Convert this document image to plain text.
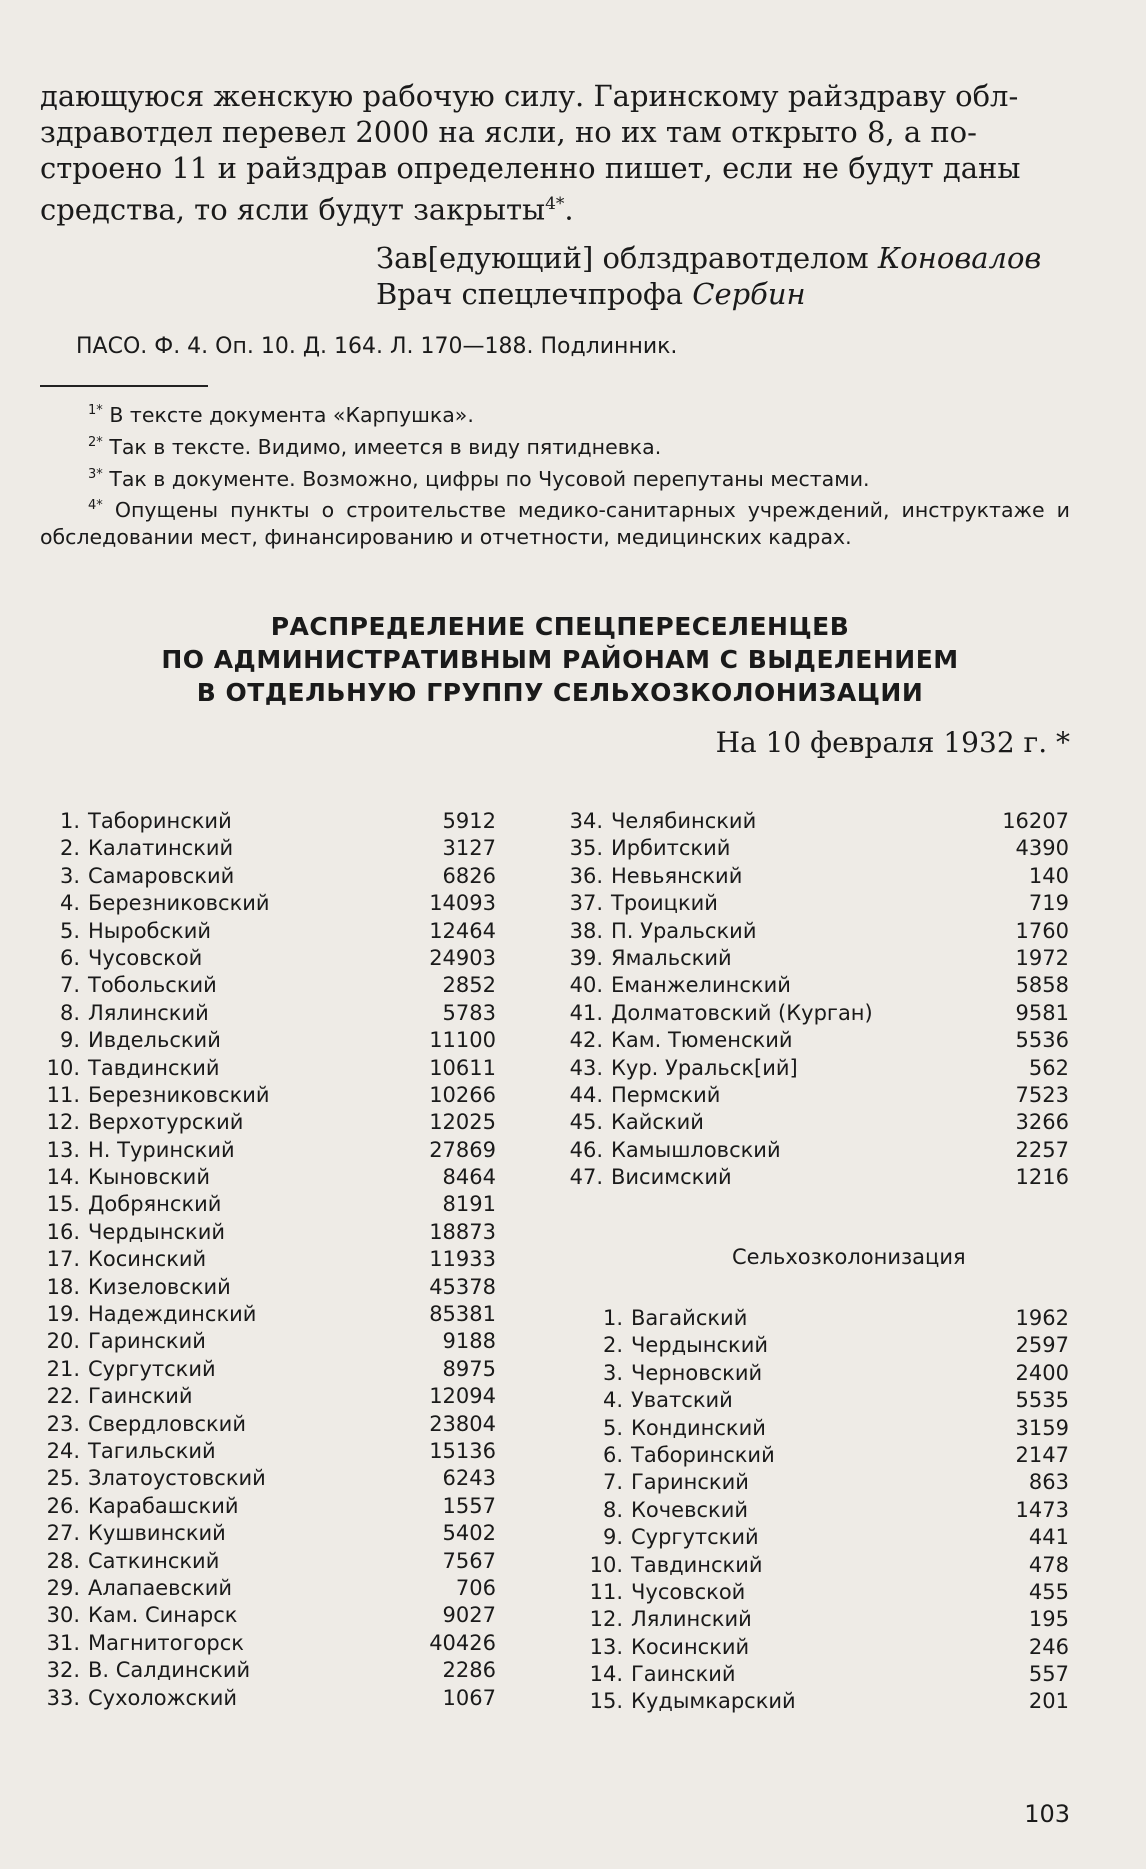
дающуюся женскую рабочую силу. Гаринскому райздраву обл-
здравотдел перевел 2000 на ясли, но их там открыто 8, а по-
строено 11 и райздрав определенно пишет, если не будут даны
средства, то ясли будут закрыты$^{4*}$.
Зав[едующий] облздравотделом Коновалов
Врач спецлечпрофа Сербин
ПАСО. Ф. 4. Оп. 10. Д. 164. Л. 170—188. Подлинник.
$^{1*}$ В тексте документа «Карпушка».
$^{2*}$ Так в тексте. Видимо, имеется в виду пятидневка.
$^{3*}$ Так в документе. Возможно, цифры по Чусовой перепутаны местами.
$^{4*}$ Опущены пункты о строительстве медико-санитарных учреждений, инструктаже и обследовании мест, финансированию и отчетности, медицинских кадрах.
РАСПРЕДЕЛЕНИЕ СПЕЦПЕРЕСЕЛЕНЦЕВ
ПО АДМИНИСТРАТИВНЫМ РАЙОНАМ С ВЫДЕЛЕНИЕМ
В ОТДЕЛЬНУЮ ГРУППУ СЕЛЬХОЗКОЛОНИЗАЦИИ
На 10 февраля 1932 г. *
1. Таборинский	5912
2. Калатинский	3127
3. Самаровский	6826
4. Березниковский	14093
5. Ныробский	12464
6. Чусовской	24903
7. Тобольский	2852
8. Лялинский	5783
9. Ивдельский	11100
10. Тавдинский	10611
11. Березниковский	10266
12. Верхотурский	12025
13. Н. Туринский	27869
14. Кыновский	8464
15. Добрянский	8191
16. Чердынский	18873
17. Косинский	11933
18. Кизеловский	45378
19. Надеждинский	85381
20. Гаринский	9188
21. Сургутский	8975
22. Гаинский	12094
23. Свердловский	23804
24. Тагильский	15136
25. Златоустовский	6243
26. Карабашский	1557
27. Кушвинский	5402
28. Саткинский	7567
29. Алапаевский	706
30. Кам. Синарск	9027
31. Магнитогорск	40426
32. В. Салдинский	2286
33. Сухоложский	1067
34. Челябинский	16207
35. Ирбитский	4390
36. Невьянский	140
37. Троицкий	719
38. П. Уральский	1760
39. Ямальский	1972
40. Еманжелинский	5858
41. Долматовский (Курган)	9581
42. Кам. Тюменский	5536
43. Кур. Уральск[ий]	562
44. Пермский	7523
45. Кайский	3266
46. Камышловский	2257
47. Висимский	1216
Сельхозколонизация
1. Вагайский	1962
2. Чердынский	2597
3. Черновский	2400
4. Уватский	5535
5. Кондинский	3159
6. Таборинский	2147
7. Гаринский	863
8. Кочевский	1473
9. Сургутский	441
10. Тавдинский	478
11. Чусовской	455
12. Лялинский	195
13. Косинский	246
14. Гаинский	557
15. Кудымкарский	201
103
